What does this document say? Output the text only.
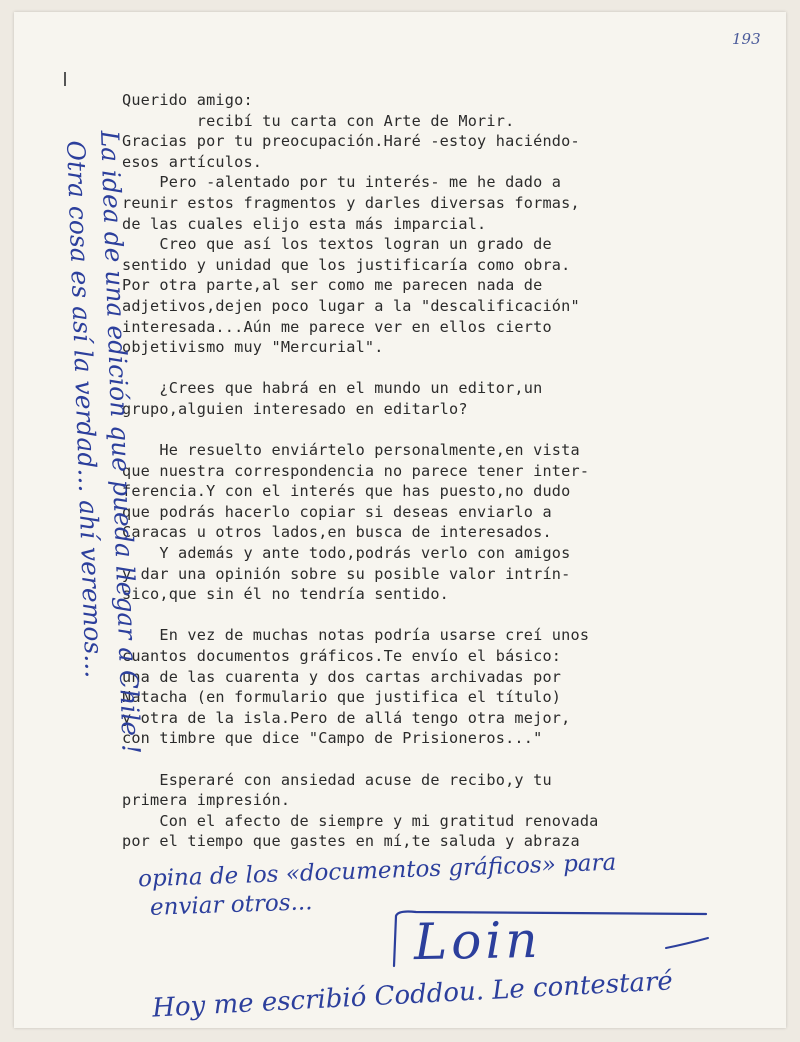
193

Querido amigo:

recibí tu carta con Arte de Morir.

Gracias por tu preocupación.Haré -estoy haciéndo-

esos artículos.

Pero -alentado por tu interés- me he dado a

reunir estos fragmentos y darles diversas formas,

de las cuales elijo esta más imparcial.

Creo que así los textos logran un grado de

sentido y unidad que los justificaría como obra.

Por otra parte,al ser como me parecen nada de

adjetivos,dejen poco lugar a la "descalificación"

interesada...Aún me parece ver en ellos cierto

objetivismo muy "Mercurial".

¿Crees que habrá en el mundo un editor,un

grupo,alguien interesado en editarlo?

He resuelto enviártelo personalmente,en vista

que nuestra correspondencia no parece tener inter-

ferencia.Y con el interés que has puesto,no dudo

que podrás hacerlo copiar si deseas enviarlo a

Caracas u otros lados,en busca de interesados.

Y además y ante todo,podrás verlo con amigos

y dar una opinión sobre su posible valor intrín-

sico,que sin él no tendría sentido.

En vez de muchas notas podría usarse creí unos

cuantos documentos gráficos.Te envío el básico:

una de las cuarenta y dos cartas archivadas por

Natacha (en formulario que justifica el título)

y otra de la isla.Pero de allá tengo otra mejor,

con timbre que dice "Campo de Prisioneros..."

Esperaré con ansiedad acuse de recibo,y tu

primera impresión.

Con el afecto de siempre y mi gratitud renovada

por el tiempo que gastes en mí,te saluda y abraza

La idea de una edición que pueda llegar a Chile !
Otra cosa es así la verdad... ahí veremos...
opina de los «documentos gráficos» para
enviar otros...
Loin
Hoy me escribió Coddou. Le contestaré
